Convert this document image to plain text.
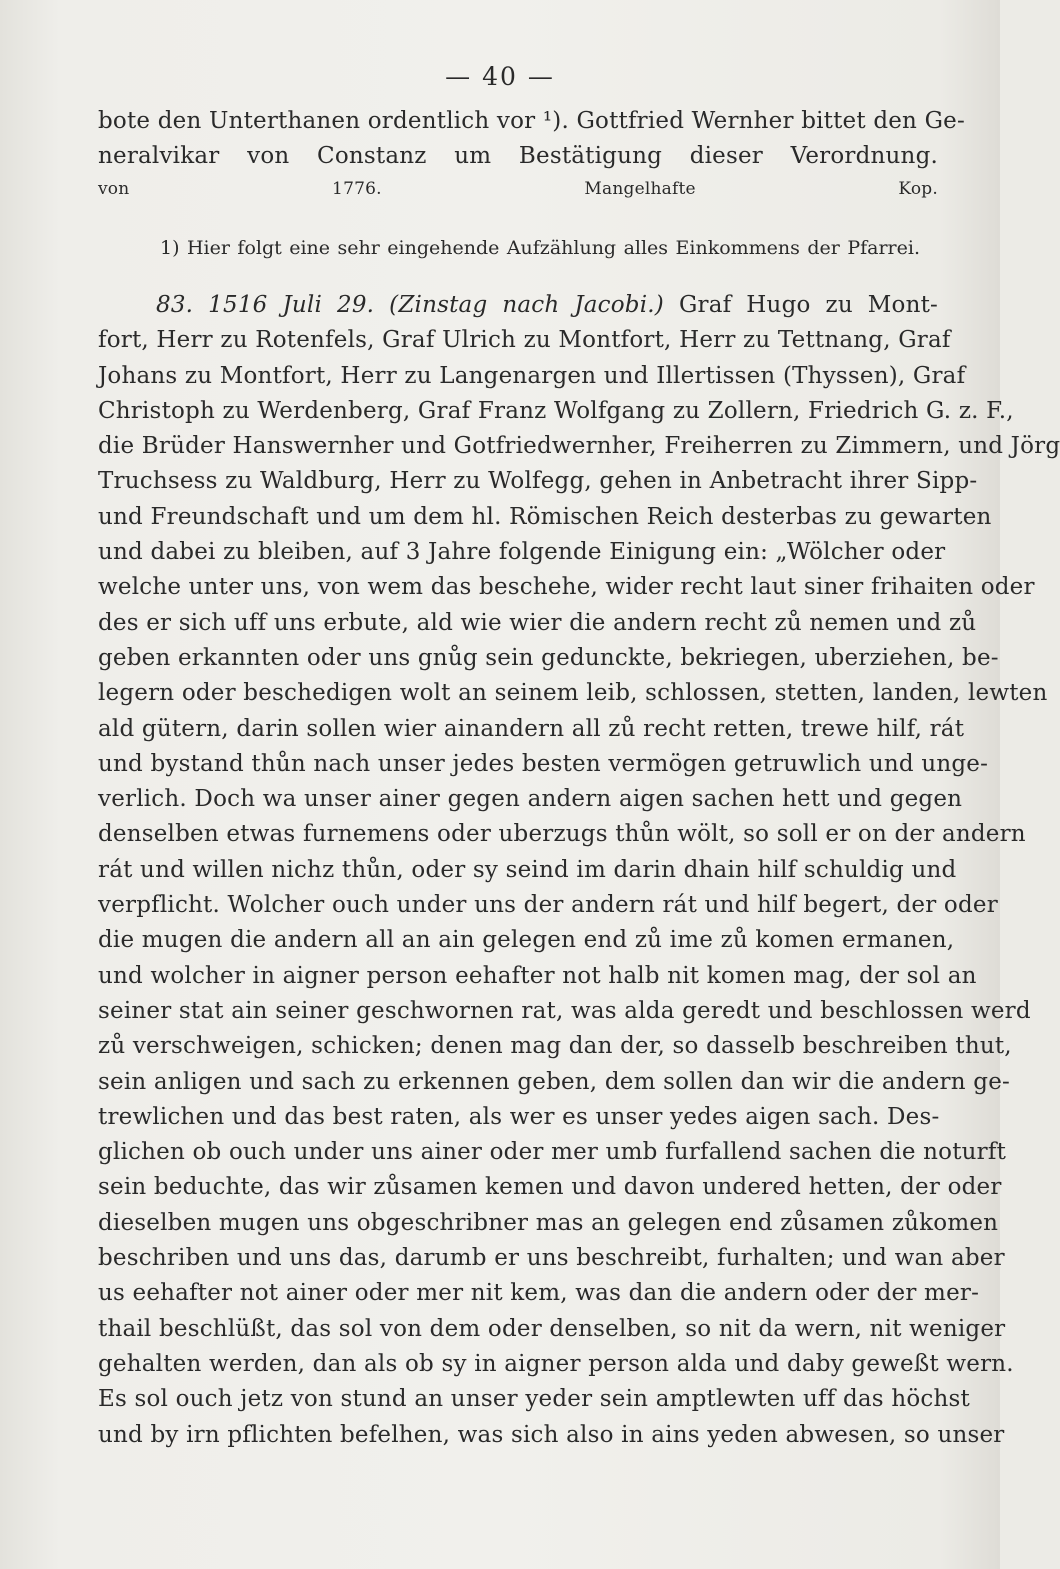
— 40 —
bote den Unterthanen ordentlich vor ¹). Gottfried Wernher bittet den Ge-
neralvikar von Constanz um Bestätigung dieser Verordnung.
von 1776.	Mangelhafte Kop.
1) Hier folgt eine sehr eingehende Aufzählung alles Einkommens der Pfarrei.
83. 1516 Juli 29. (Zinstag nach Jacobi.) Graf Hugo zu Mont-
fort, Herr zu Rotenfels, Graf Ulrich zu Montfort, Herr zu Tettnang, Graf
Johans zu Montfort, Herr zu Langenargen und Illertissen (Thyssen), Graf
Christoph zu Werdenberg, Graf Franz Wolfgang zu Zollern, Friedrich G. z. F.,
die Brüder Hanswernher und Gotfriedwernher, Freiherren zu Zimmern, und Jörg
Truchsess zu Waldburg, Herr zu Wolfegg, gehen in Anbetracht ihrer Sipp-
und Freundschaft und um dem hl. Römischen Reich desterbas zu gewarten
und dabei zu bleiben, auf 3 Jahre folgende Einigung ein: „Wölcher oder
welche unter uns, von wem das beschehe, wider recht laut siner frihaiten oder
des er sich uff uns erbute, ald wie wier die andern recht zů nemen und zů
geben erkannten oder uns gnůg sein gedunckte, bekriegen, uberziehen, be-
legern oder beschedigen wolt an seinem leib, schlossen, stetten, landen, lewten
ald gütern, darin sollen wier ainandern all zů recht retten, trewe hilf, rát
und bystand thůn nach unser jedes besten vermögen getruwlich und unge-
verlich. Doch wa unser ainer gegen andern aigen sachen hett und gegen
denselben etwas furnemens oder uberzugs thůn wölt, so soll er on der andern
rát und willen nichz thůn, oder sy seind im darin dhain hilf schuldig und
verpflicht. Wolcher ouch under uns der andern rát und hilf begert, der oder
die mugen die andern all an ain gelegen end zů ime zů komen ermanen,
und wolcher in aigner person eehafter not halb nit komen mag, der sol an
seiner stat ain seiner geschwornen rat, was alda geredt und beschlossen werd
zů verschweigen, schicken; denen mag dan der, so dasselb beschreiben thut,
sein anligen und sach zu erkennen geben, dem sollen dan wir die andern ge-
trewlichen und das best raten, als wer es unser yedes aigen sach. Des-
glichen ob ouch under uns ainer oder mer umb furfallend sachen die noturft
sein beduchte, das wir zůsamen kemen und davon undered hetten, der oder
dieselben mugen uns obgeschribner mas an gelegen end zůsamen zůkomen
beschriben und uns das, darumb er uns beschreibt, furhalten; und wan aber
us eehafter not ainer oder mer nit kem, was dan die andern oder der mer-
thail beschlüßt, das sol von dem oder denselben, so nit da wern, nit weniger
gehalten werden, dan als ob sy in aigner person alda und daby geweßt wern.
Es sol ouch jetz von stund an unser yeder sein amptlewten uff das höchst
und by irn pflichten befelhen, was sich also in ains yeden abwesen, so unser
